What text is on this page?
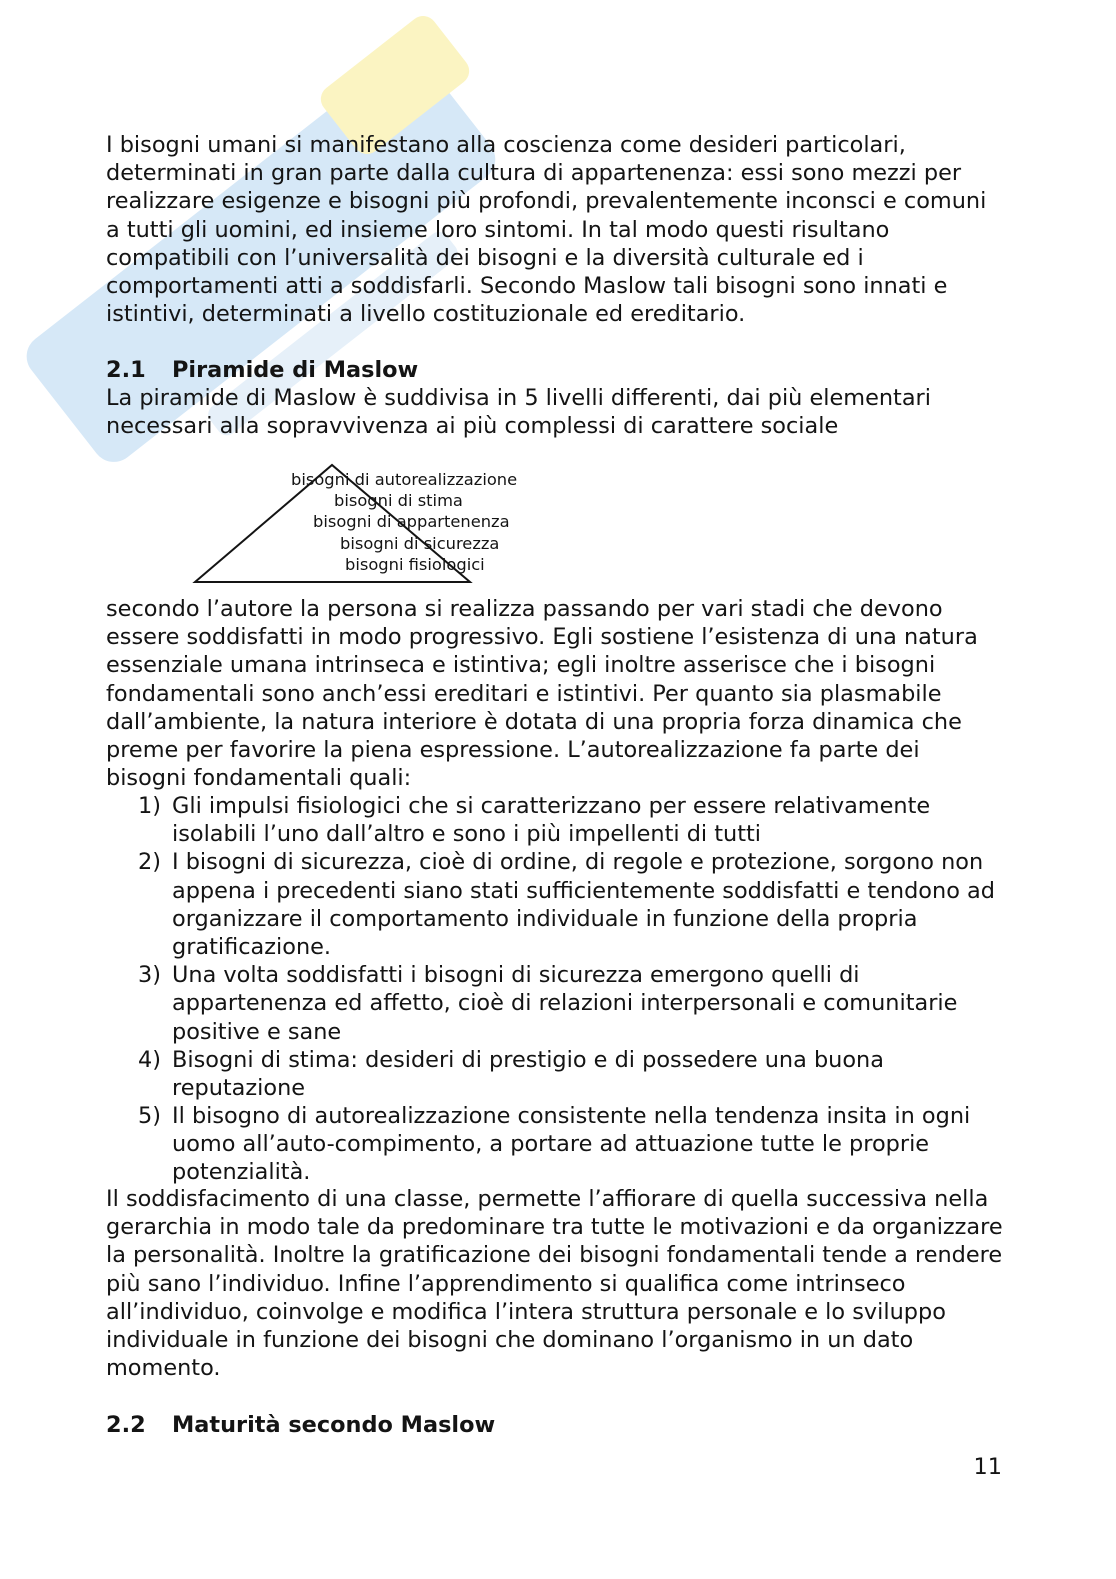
I bisogni umani si manifestano alla coscienza come desideri particolari,
determinati in gran parte dalla cultura di appartenenza: essi sono mezzi per
realizzare esigenze e bisogni più profondi, prevalentemente inconsci e comuni
a tutti gli uomini, ed insieme loro sintomi. In tal modo questi risultano
compatibili con l’universalità dei bisogni e la diversità culturale ed i
comportamenti atti a soddisfarli. Secondo Maslow tali bisogni sono innati e
istintivi, determinati a livello costituzionale ed ereditario.
2.1 Piramide di Maslow
La piramide di Maslow è suddivisa in 5 livelli differenti, dai più elementari
necessari alla sopravvivenza ai più complessi di carattere sociale
bisogni di autorealizzazione
bisogni di stima
bisogni di appartenenza
bisogni di sicurezza
bisogni fisiologici
secondo l’autore la persona si realizza passando per vari stadi che devono
essere soddisfatti in modo progressivo. Egli sostiene l’esistenza di una natura
essenziale umana intrinseca e istintiva; egli inoltre asserisce che i bisogni
fondamentali sono anch’essi ereditari e istintivi. Per quanto sia plasmabile
dall’ambiente, la natura interiore è dotata di una propria forza dinamica che
preme per favorire la piena espressione. L’autorealizzazione fa parte dei
bisogni fondamentali quali:
1) Gli impulsi fisiologici che si caratterizzano per essere relativamente
isolabili l’uno dall’altro e sono i più impellenti di tutti
2) I bisogni di sicurezza, cioè di ordine, di regole e protezione, sorgono non
appena i precedenti siano stati sufficientemente soddisfatti e tendono ad
organizzare il comportamento individuale in funzione della propria
gratificazione.
3) Una volta soddisfatti i bisogni di sicurezza emergono quelli di
appartenenza ed affetto, cioè di relazioni interpersonali e comunitarie
positive e sane
4) Bisogni di stima: desideri di prestigio e di possedere una buona
reputazione
5) Il bisogno di autorealizzazione consistente nella tendenza insita in ogni
uomo all’auto-compimento, a portare ad attuazione tutte le proprie
potenzialità.
Il soddisfacimento di una classe, permette l’affiorare di quella successiva nella
gerarchia in modo tale da predominare tra tutte le motivazioni e da organizzare
la personalità. Inoltre la gratificazione dei bisogni fondamentali tende a rendere
più sano l’individuo. Infine l’apprendimento si qualifica come intrinseco
all’individuo, coinvolge e modifica l’intera struttura personale e lo sviluppo
individuale in funzione dei bisogni che dominano l’organismo in un dato
momento.
2.2 Maturità secondo Maslow
11
